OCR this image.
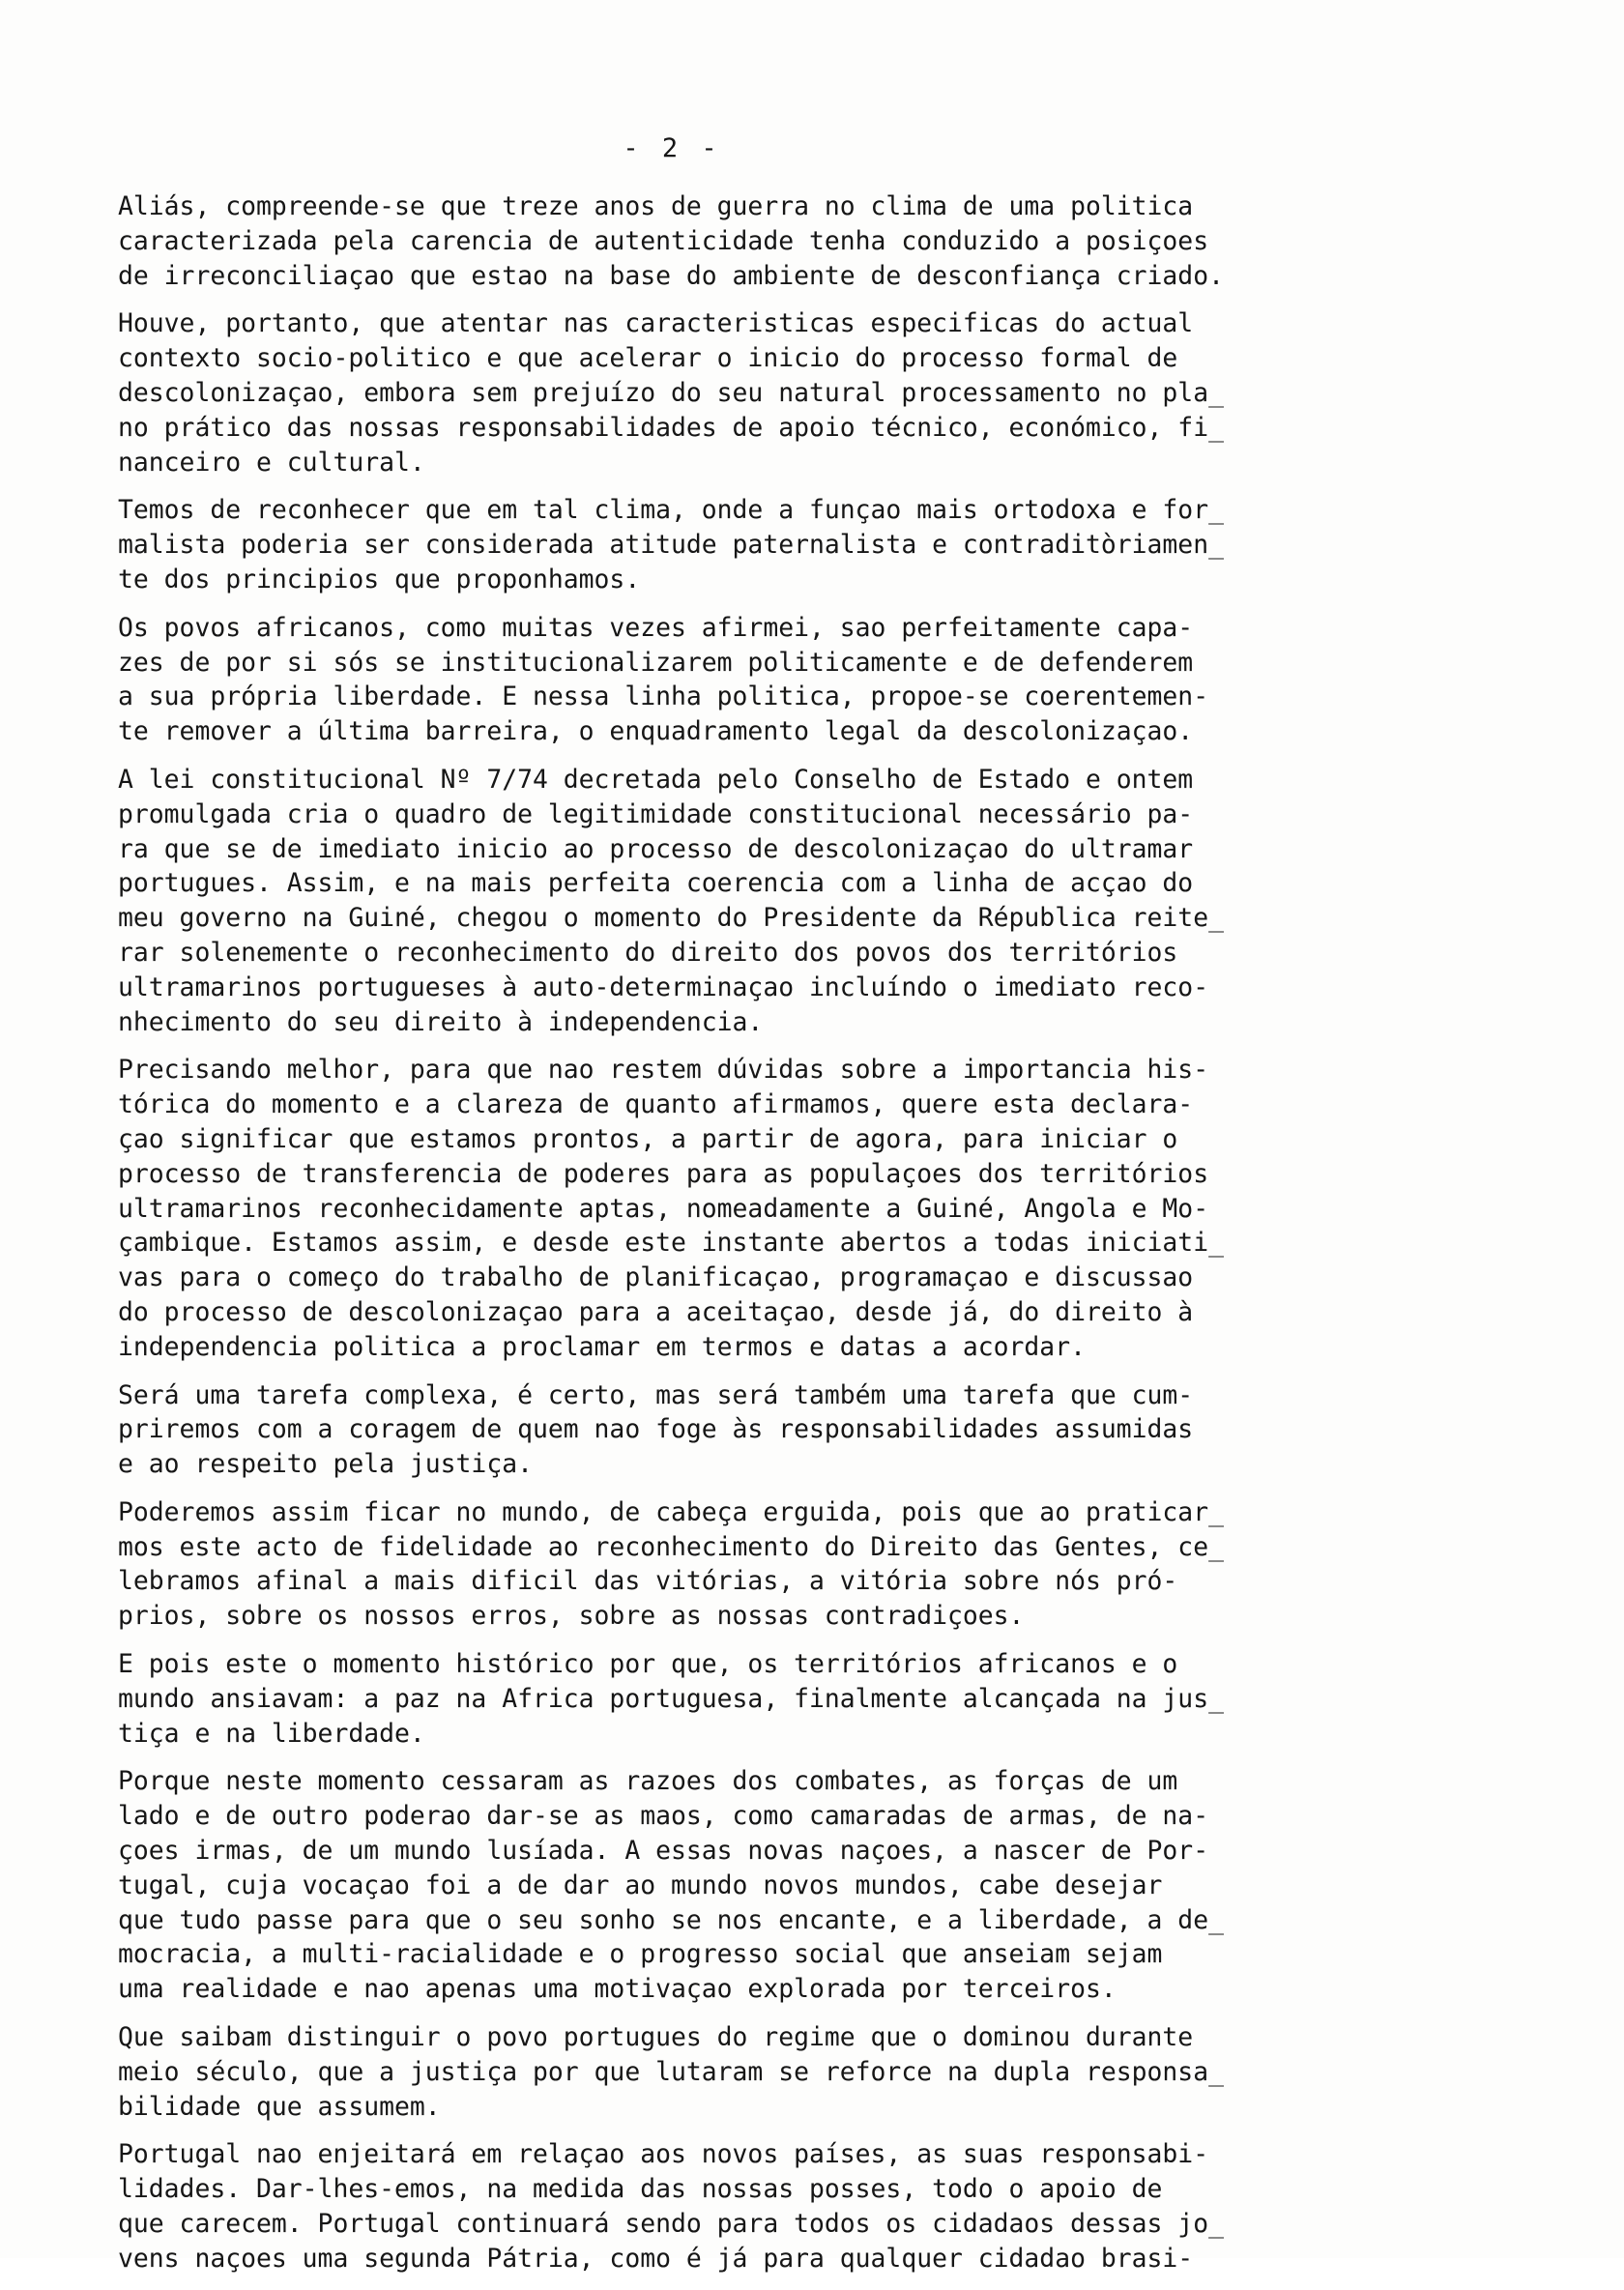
- 2 -
Aliás, compreende-se que treze anos de guerra no clima de uma politica
caracterizada pela carencia de autenticidade tenha conduzido a posiçoes
de irreconciliaçao que estao na base do ambiente de desconfiança criado.
Houve, portanto, que atentar nas caracteristicas especificas do actual
contexto socio-politico e que acelerar o inicio do processo formal de
descolonizaçao, embora sem prejuízo do seu natural processamento no pla_
no prático das nossas responsabilidades de apoio técnico, económico, fi_
nanceiro e cultural.
Temos de reconhecer que em tal clima, onde a funçao mais ortodoxa e for_
malista poderia ser considerada atitude paternalista e contraditòriamen_
te dos principios que proponhamos.
Os povos africanos, como muitas vezes afirmei, sao perfeitamente capa-
zes de por si sós se institucionalizarem politicamente e de defenderem
a sua própria liberdade. E nessa linha politica, propoe-se coerentemen-
te remover a última barreira, o enquadramento legal da descolonizaçao.
A lei constitucional Nº 7/74 decretada pelo Conselho de Estado e ontem
promulgada cria o quadro de legitimidade constitucional necessário pa-
ra que se de imediato inicio ao processo de descolonizaçao do ultramar
portugues. Assim, e na mais perfeita coerencia com a linha de acçao do
meu governo na Guiné, chegou o momento do Presidente da Républica reite_
rar solenemente o reconhecimento do direito dos povos dos territórios
ultramarinos portugueses à auto-determinaçao incluíndo o imediato reco-
nhecimento do seu direito à independencia.
Precisando melhor, para que nao restem dúvidas sobre a importancia his-
tórica do momento e a clareza de quanto afirmamos, quere esta declara-
çao significar que estamos prontos, a partir de agora, para iniciar o
processo de transferencia de poderes para as populaçoes dos territórios
ultramarinos reconhecidamente aptas, nomeadamente a Guiné, Angola e Mo-
çambique. Estamos assim, e desde este instante abertos a todas iniciati_
vas para o começo do trabalho de planificaçao, programaçao e discussao
do processo de descolonizaçao para a aceitaçao, desde já, do direito à
independencia politica a proclamar em termos e datas a acordar.
Será uma tarefa complexa, é certo, mas será também uma tarefa que cum-
priremos com a coragem de quem nao foge às responsabilidades assumidas
e ao respeito pela justiça.
Poderemos assim ficar no mundo, de cabeça erguida, pois que ao praticar_
mos este acto de fidelidade ao reconhecimento do Direito das Gentes, ce_
lebramos afinal a mais dificil das vitórias, a vitória sobre nós pró-
prios, sobre os nossos erros, sobre as nossas contradiçoes.
E pois este o momento histórico por que, os territórios africanos e o
mundo ansiavam: a paz na Africa portuguesa, finalmente alcançada na jus_
tiça e na liberdade.
Porque neste momento cessaram as razoes dos combates, as forças de um
lado e de outro poderao dar-se as maos, como camaradas de armas, de na-
çoes irmas, de um mundo lusíada. A essas novas naçoes, a nascer de Por-
tugal, cuja vocaçao foi a de dar ao mundo novos mundos, cabe desejar
que tudo passe para que o seu sonho se nos encante, e a liberdade, a de_
mocracia, a multi-racialidade e o progresso social que anseiam sejam
uma realidade e nao apenas uma motivaçao explorada por terceiros.
Que saibam distinguir o povo portugues do regime que o dominou durante
meio século, que a justiça por que lutaram se reforce na dupla responsa_
bilidade que assumem.
Portugal nao enjeitará em relaçao aos novos países, as suas responsabi-
lidades. Dar-lhes-emos, na medida das nossas posses, todo o apoio de
que carecem. Portugal continuará sendo para todos os cidadaos dessas jo_
vens naçoes uma segunda Pátria, como é já para qualquer cidadao brasi-
